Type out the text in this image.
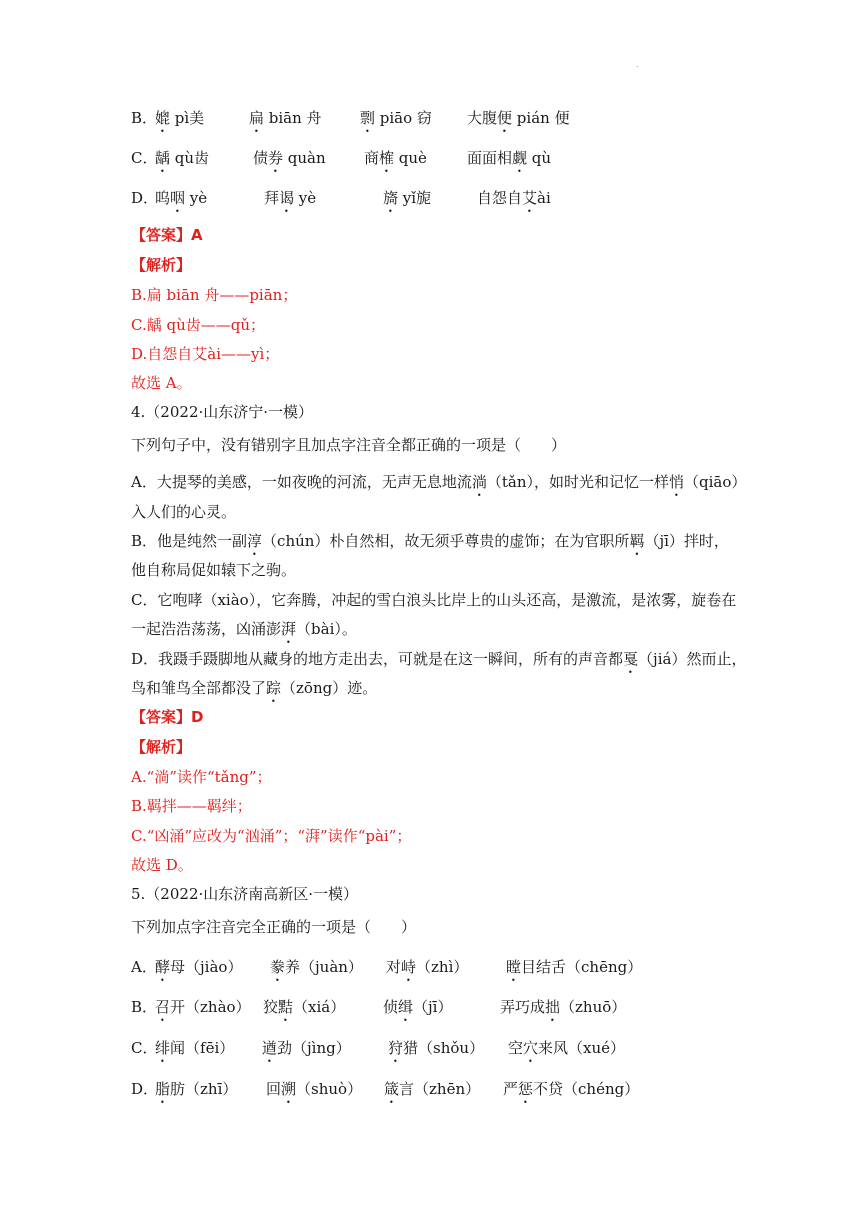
.
B．
媲 pì美	扁 biān 舟	剽 piāo 窃 大腹便 pián 便
C．
龋 qù齿	债券 quàn	商榷 què	面面相觑 qù
D．
呜咽 yè	拜谒 yè	旖 yǐ旎	自怨自艾ài
【答案】A
【解析】
B.扁 biān 舟——piān；
C.龋 qù齿——qǔ；
D.自怨自艾ài——yì；
故选 A。
4.（2022·山东济宁·一模）
下列句子中，没有错别字且加点字注音全都正确的一项是（　　）
A．大提琴的美感，一如夜晚的河流，无声无息地流淌（tǎn），如时光和记忆一样悄（qiāo）
入人们的心灵。
B．他是纯然一副淳（chún）朴自然相，故无须乎尊贵的虚饰；在为官职所羁（jī）拌时，
他自称局促如辕下之驹。
C．它咆哮（xiào），它奔腾，冲起的雪白浪头比岸上的山头还高，是激流，是浓雾，旋卷在
一起浩浩荡荡，凶涌澎湃（bài）。
D．我蹑手蹑脚地从藏身的地方走出去，可就是在这一瞬间，所有的声音都戛（jiá）然而止，
鸟和雏鸟全部都没了踪（zōng）迹。
【答案】D
【解析】
A.“淌”读作“tǎng”；
B.羁拌——羁绊；
C.“凶涌”应改为“汹涌”；“湃”读作“pài”；
故选 D。
5.（2022·山东济南高新区·一模）
下列加点字注音完全正确的一项是（　　）
A．
酵母（jiào） 豢养（juàn） 对峙（zhì）	瞠目结舌（chēng）
B．
召开（zhào） 狡黠（xiá）	侦缉（jī）	弄巧成拙（zhuō）
C．
绯闻（fēi） 遒劲（jìng） 狩猎（shǒu） 空穴来风（xué）
D．
脂肪（zhī） 回溯（shuò） 箴言（zhēn） 严惩不贷（chéng）
